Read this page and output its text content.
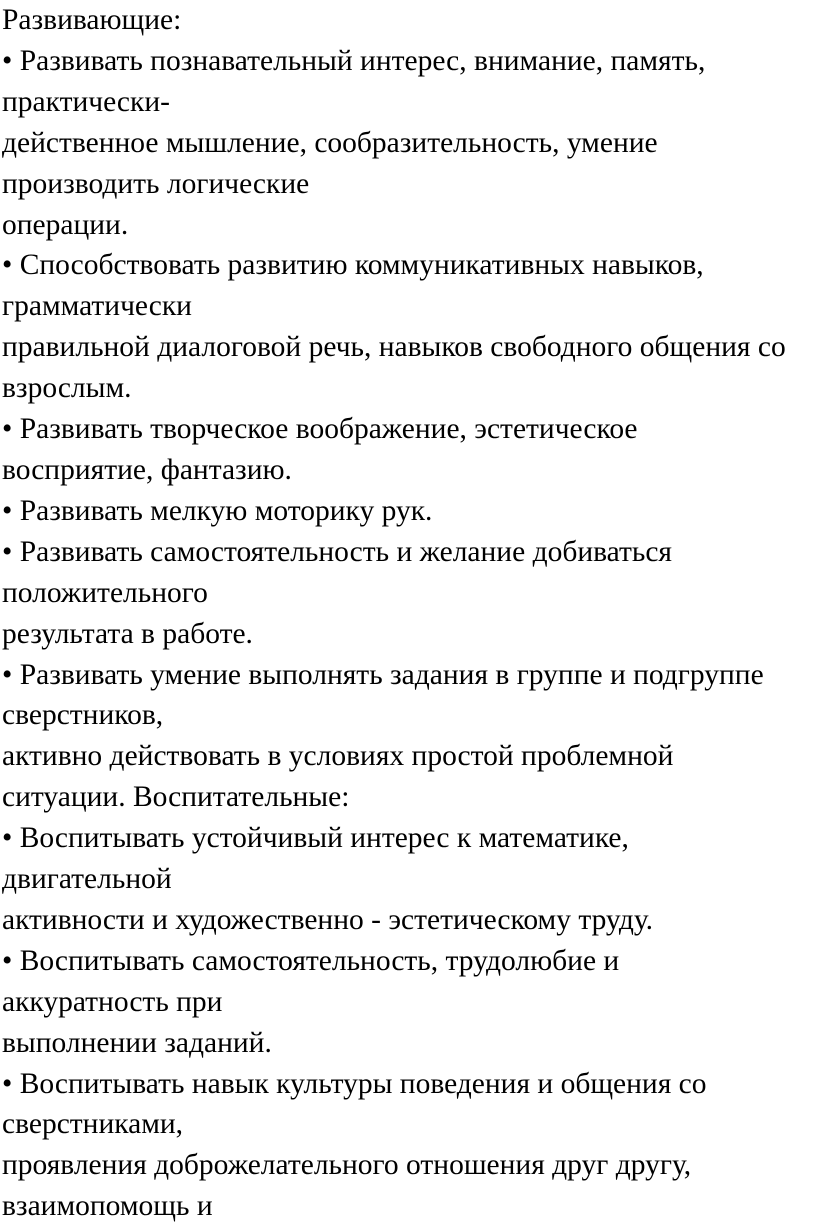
Развивающие:

• Развивать познавательный интерес, внимание, память,

практически-

действенное мышление, сообразительность, умение

производить логические

операции.

• Способствовать развитию коммуникативных навыков,

грамматически

правильной диалоговой речь, навыков свободного общения со

взрослым.

• Развивать творческое воображение, эстетическое

восприятие, фантазию.

• Развивать мелкую моторику рук.

• Развивать самостоятельность и желание добиваться

положительного

результата в работе.

• Развивать умение выполнять задания в группе и подгруппе

сверстников,

активно действовать в условиях простой проблемной

ситуации. Воспитательные:

• Воспитывать устойчивый интерес к математике,

двигательной

активности и художественно - эстетическому труду.

• Воспитывать самостоятельность, трудолюбие и

аккуратность при

выполнении заданий.

• Воспитывать навык культуры поведения и общения со

сверстниками,

проявления доброжелательного отношения друг другу,

взаимопомощь и
